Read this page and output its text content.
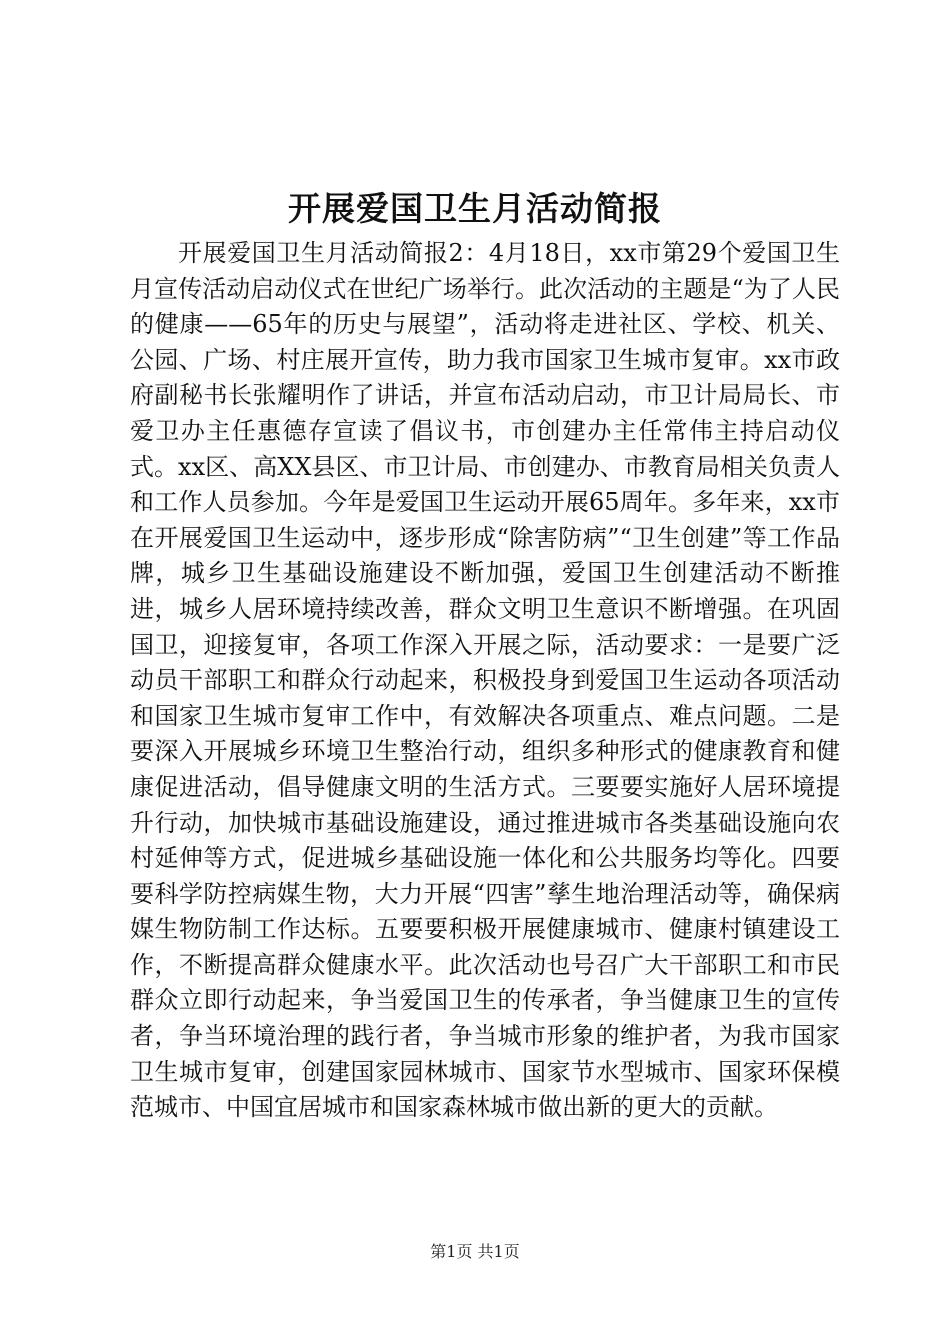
开展爱国卫生月活动简报

开展爱国卫生月活动简报2：4月18日，xx市第29个爱国卫生月宣传活动启动仪式在世纪广场举行。此次活动的主题是“为了人民的健康——65年的历史与展望”，活动将走进社区、学校、机关、公园、广场、村庄展开宣传，助力我市国家卫生城市复审。xx市政府副秘书长张耀明作了讲话，并宣布活动启动，市卫计局局长、市爱卫办主任惠德存宣读了倡议书，市创建办主任常伟主持启动仪式。xx区、高XX县区、市卫计局、市创建办、市教育局相关负责人和工作人员参加。今年是爱国卫生运动开展65周年。多年来，xx市在开展爱国卫生运动中，逐步形成“除害防病”“卫生创建”等工作品牌，城乡卫生基础设施建设不断加强，爱国卫生创建活动不断推进，城乡人居环境持续改善，群众文明卫生意识不断增强。在巩固国卫，迎接复审，各项工作深入开展之际，活动要求：一是要广泛动员干部职工和群众行动起来，积极投身到爱国卫生运动各项活动和国家卫生城市复审工作中，有效解决各项重点、难点问题。二是要深入开展城乡环境卫生整治行动，组织多种形式的健康教育和健康促进活动，倡导健康文明的生活方式。三要要实施好人居环境提升行动，加快城市基础设施建设，通过推进城市各类基础设施向农村延伸等方式，促进城乡基础设施一体化和公共服务均等化。四要要科学防控病媒生物，大力开展“四害”孳生地治理活动等，确保病媒生物防制工作达标。五要要积极开展健康城市、健康村镇建设工作，不断提高群众健康水平。此次活动也号召广大干部职工和市民群众立即行动起来，争当爱国卫生的传承者，争当健康卫生的宣传者，争当环境治理的践行者，争当城市形象的维护者，为我市国家卫生城市复审，创建国家园林城市、国家节水型城市、国家环保模范城市、中国宜居城市和国家森林城市做出新的更大的贡献。

第1页 共1页
